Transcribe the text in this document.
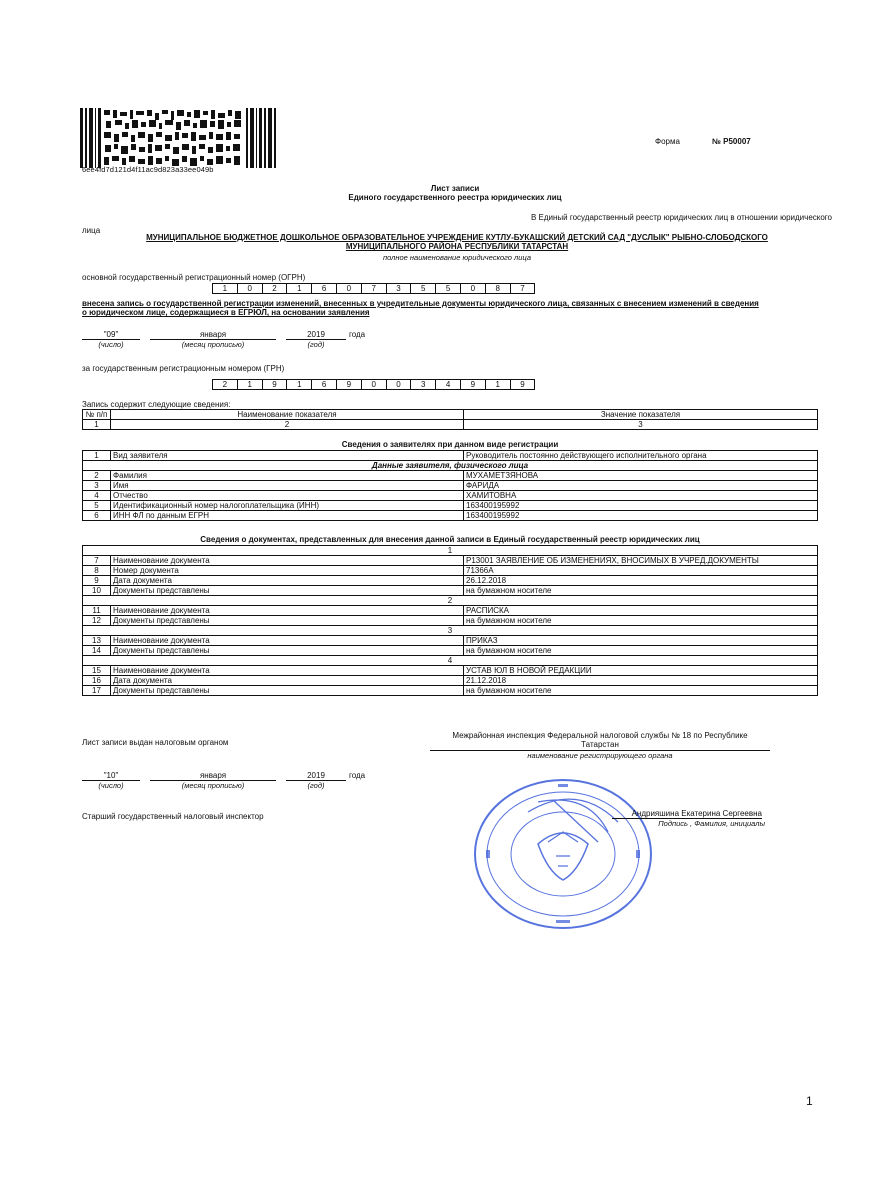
6ee4fd7d121d4f11ac9d823a33ee049b
Форма	№ Р50007
Лист записи
Единого государственного реестра юридических лиц
В Единый государственный реестр юридических лиц в отношении юридического
лица
МУНИЦИПАЛЬНОЕ БЮДЖЕТНОЕ ДОШКОЛЬНОЕ ОБРАЗОВАТЕЛЬНОЕ УЧРЕЖДЕНИЕ КУТЛУ-БУКАШСКИЙ ДЕТСКИЙ САД "ДУСЛЫК" РЫБНО-СЛОБОДСКОГО
МУНИЦИПАЛЬНОГО РАЙОНА РЕСПУБЛИКИ ТАТАРСТАН
полное наименование юридического лица
основной государственный регистрационный номер (ОГРН)
1	0	2	1	6	0	7	3	5	5	0	8	7
внесена запись о государственной регистрации изменений, внесенных в учредительные документы юридического лица, связанных с внесением изменений в сведения о юридическом лице, содержащиеся в ЕГРЮЛ, на основании заявления
"09"	января	2019	года
(число)	(месяц прописью)	(год)
за государственным регистрационным номером (ГРН)
2	1	9	1	6	9	0	0	3	4	9	1	9
Запись содержит следующие сведения:
№ п/п	Наименование показателя	Значение показателя
1	2	3
Сведения о заявителях при данном виде регистрации
1	Вид заявителя	Руководитель постоянно действующего исполнительного органа
Данные заявителя, физического лица		
2	Фамилия	МУХАМЕТЗЯНОВА
3	Имя	ФАРИДА
4	Отчество	ХАМИТОВНА
5	Идентификационный номер налогоплательщика (ИНН)	163400195992
6	ИНН ФЛ по данным ЕГРН	163400195992
Сведения о документах, представленных для внесения данной записи в Единый государственный реестр юридических лиц
1		
7	Наименование документа	Р13001 ЗАЯВЛЕНИЕ ОБ ИЗМЕНЕНИЯХ, ВНОСИМЫХ В УЧРЕД.ДОКУМЕНТЫ
8	Номер документа	71366А
9	Дата документа	26.12.2018
10	Документы представлены	на бумажном носителе
2		
11	Наименование документа	РАСПИСКА
12	Документы представлены	на бумажном носителе
3		
13	Наименование документа	ПРИКАЗ
14	Документы представлены	на бумажном носителе
4		
15	Наименование документа	УСТАВ ЮЛ В НОВОЙ РЕДАКЦИИ
16	Дата документа	21.12.2018
17	Документы представлены	на бумажном носителе
Лист записи выдан налоговым органом
Межрайонная инспекция Федеральной налоговой службы № 18 по Республике
Татарстан
наименование регистрирующего органа
"10"	января	2019	года
(число)	(месяц прописью)	(год)
Старший государственный налоговый инспектор	Андрияшина Екатерина Сергеевна
Подпись , Фамилия, инициалы
1
